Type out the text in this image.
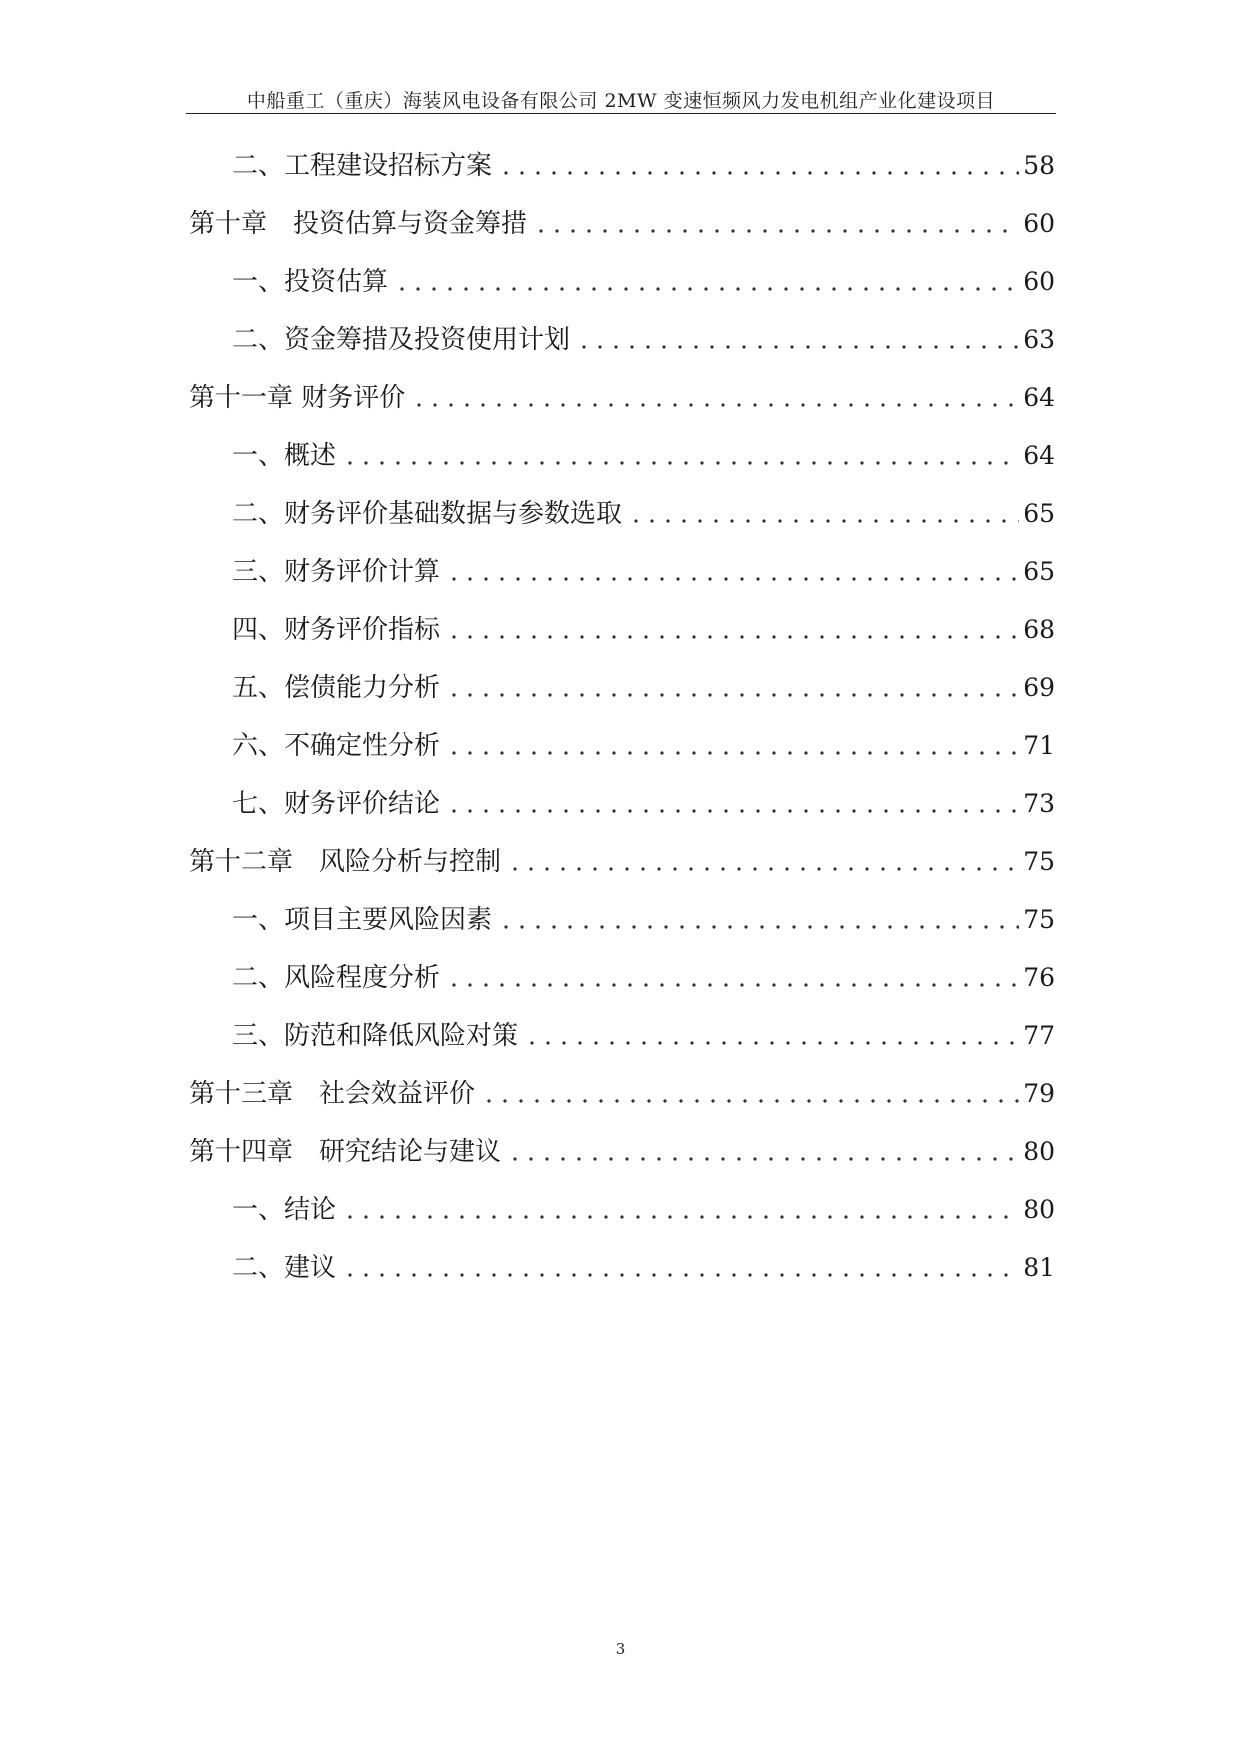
中船重工（重庆）海装风电设备有限公司 2MW 变速恒频风力发电机组产业化建设项目
二、工程建设招标方案	58
第十章　投资估算与资金筹措	60
一、投资估算	60
二、资金筹措及投资使用计划	63
第十一章 财务评价	64
一、概述	64
二、财务评价基础数据与参数选取	65
三、财务评价计算	65
四、财务评价指标	68
五、偿债能力分析	69
六、不确定性分析	71
七、财务评价结论	73
第十二章　风险分析与控制	75
一、项目主要风险因素	75
二、风险程度分析	76
三、防范和降低风险对策	77
第十三章　社会效益评价	79
第十四章　研究结论与建议	80
一、结论	80
二、建议	81
3
